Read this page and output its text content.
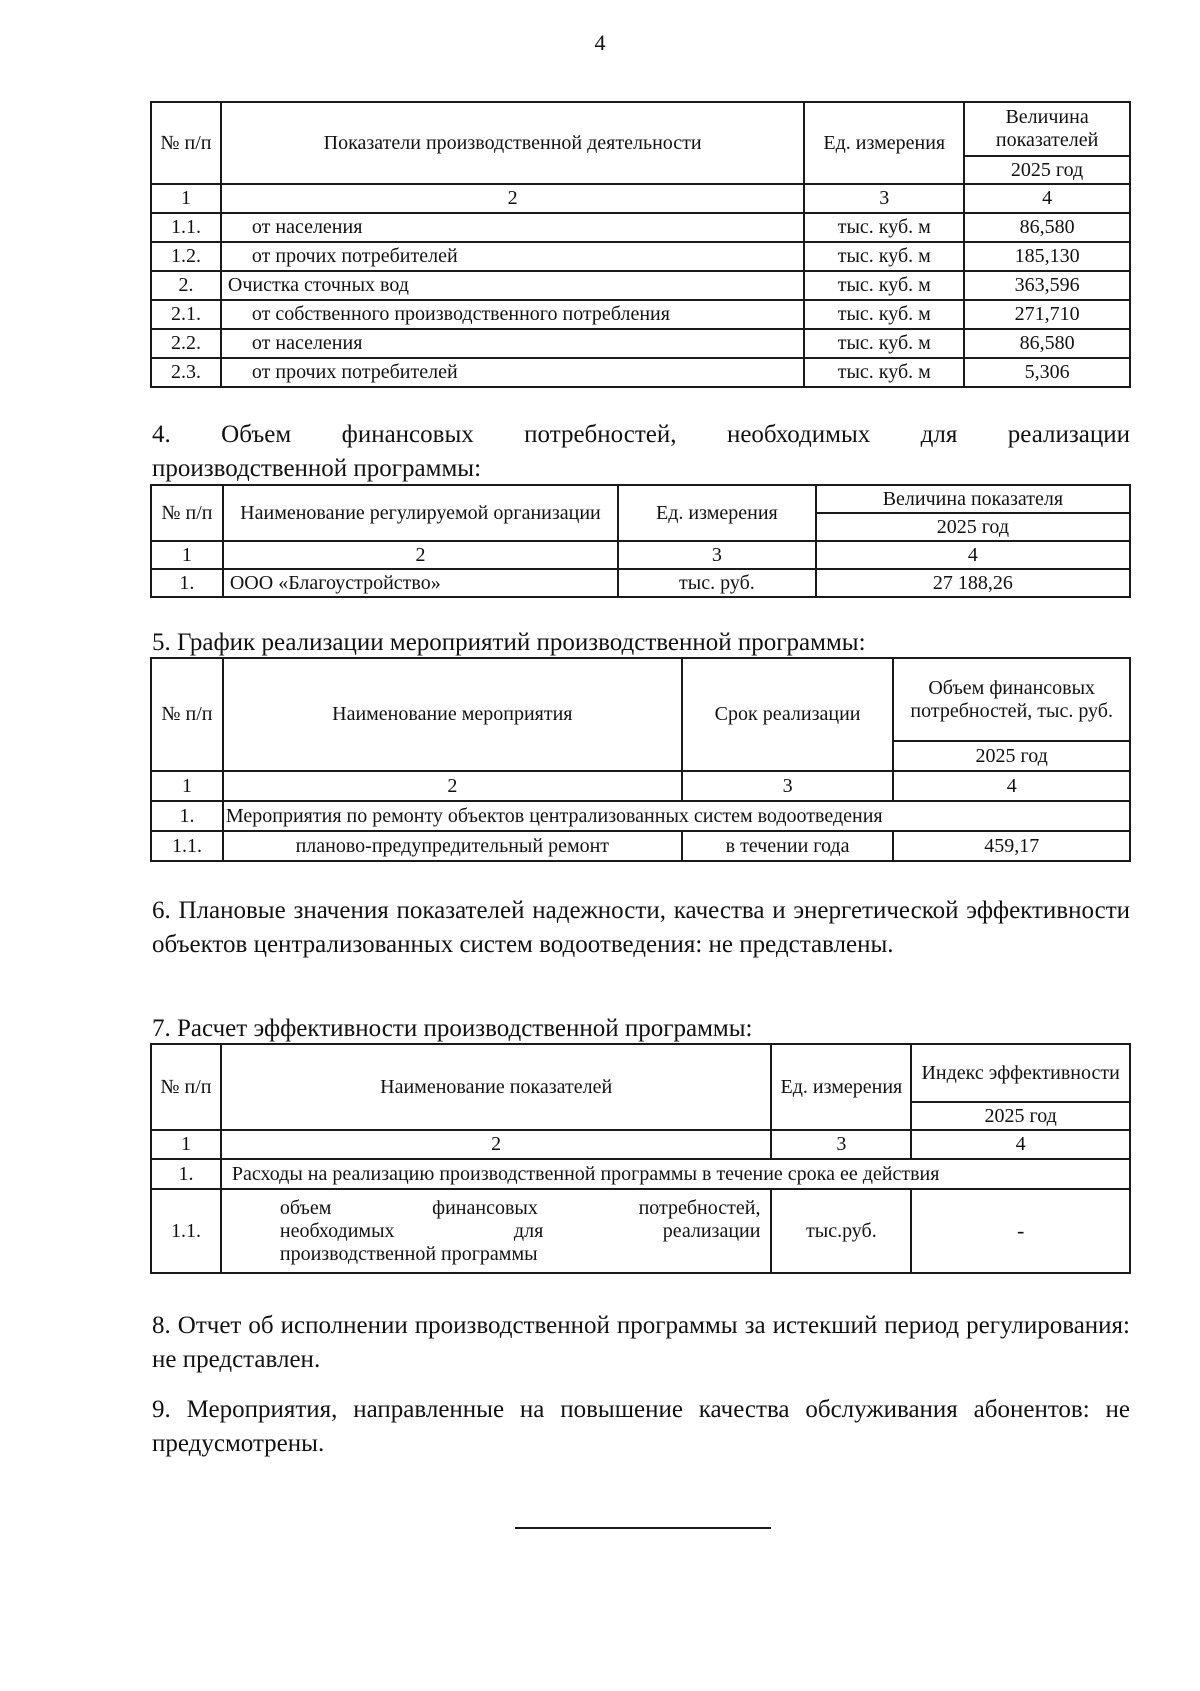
4
№ п/п	Показатели производственной деятельности	Ед. измерения	Величина показателей
			2025 год
1	2	3	4
1.1.	от населения	тыс. куб. м	86,580
1.2.	от прочих потребителей	тыс. куб. м	185,130
2.	Очистка сточных вод	тыс. куб. м	363,596
2.1.	от собственного производственного потребления	тыс. куб. м	271,710
2.2.	от населения	тыс. куб. м	86,580
2.3.	от прочих потребителей	тыс. куб. м	5,306
4. Объем финансовых потребностей, необходимых для реализации
производственной программы:
№ п/п	Наименование регулируемой организации	Ед. измерения	Величина показателя
			2025 год
1	2	3	4
1.	ООО «Благоустройство»	тыс. руб.	27 188,26
5. График реализации мероприятий производственной программы:
№ п/п	Наименование мероприятия	Срок реализации	Объем финансовых потребностей, тыс. руб.
			2025 год
1	2	3	4
1.	Мероприятия по ремонту объектов централизованных систем водоотведения		
1.1.	планово-предупредительный ремонт	в течении года	459,17
6. Плановые значения показателей надежности, качества и энергетической эффективности объектов централизованных систем водоотведения: не представлены.
7. Расчет эффективности производственной программы:
№ п/п	Наименование показателей	Ед. измерения	Индекс эффективности
			2025 год
1	2	3	4
1.	Расходы на реализацию производственной программы в течение срока ее действия		
1.1.	объем финансовых потребностей,
необходимых для реализации
производственной программы	тыс.руб.	-
8. Отчет об исполнении производственной программы за истекший период регулирования: не представлен.
9. Мероприятия, направленные на повышение качества обслуживания абонентов: не предусмотрены.
